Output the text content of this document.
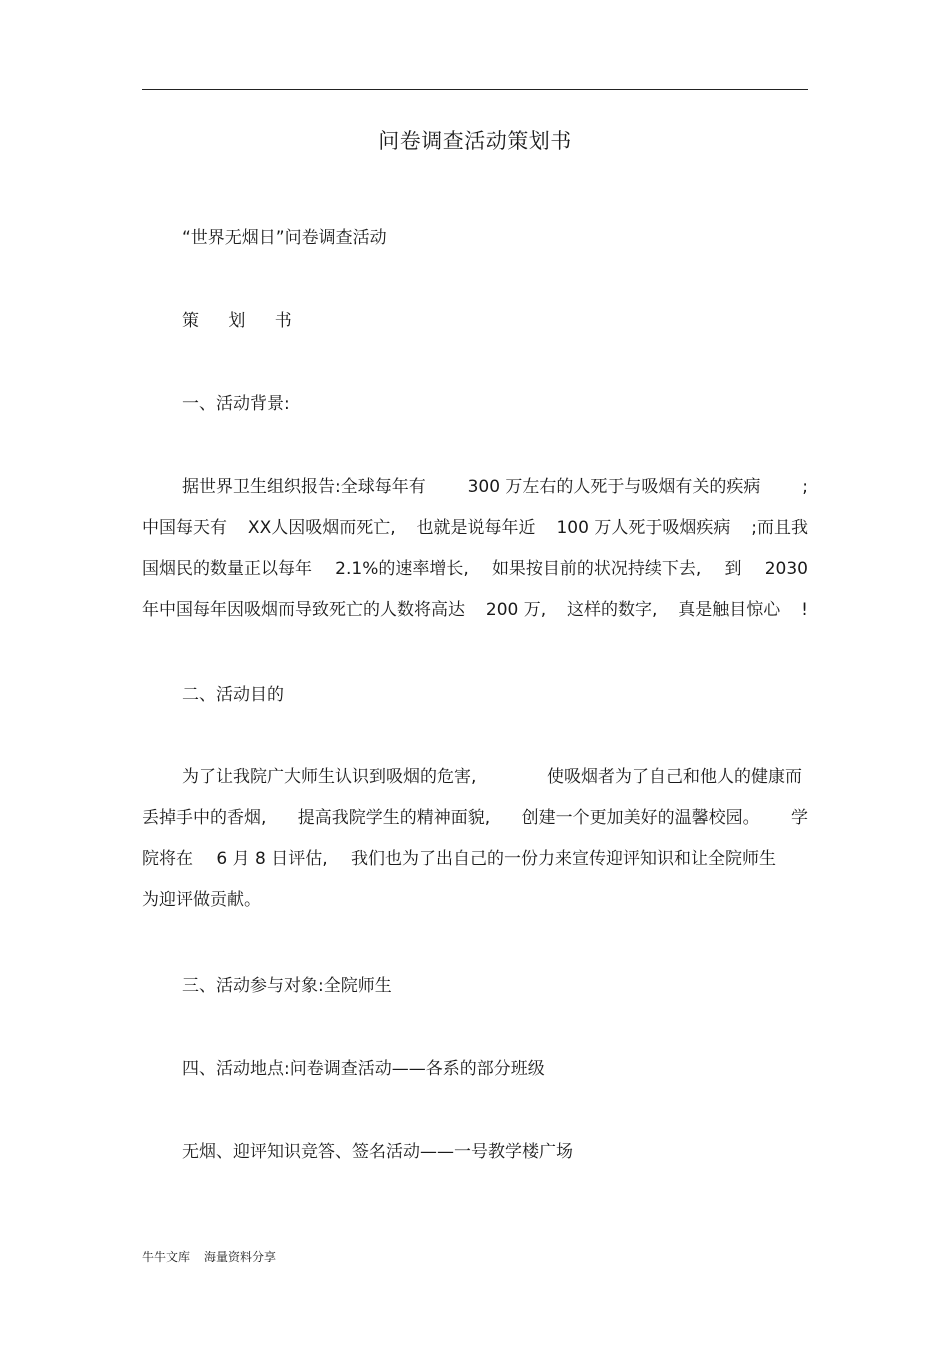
问卷调查活动策划书
“世界无烟日”问卷调查活动
策 划 书
一、活动背景:
据世界卫生组织报告:全球每年有 300 万左右的人死于与吸烟有关的疾病 ;
中国每天有 XX人因吸烟而死亡, 也就是说每年近 100 万人死于吸烟疾病 ;而且我
国烟民的数量正以每年 2.1%的速率增长, 如果按目前的状况持续下去, 到 2030
年中国每年因吸烟而导致死亡的人数将高达 200 万, 这样的数字, 真是触目惊心 !
二、活动目的
为了让我院广大师生认识到吸烟的危害,	使吸烟者为了自己和他人的健康而
丢掉手中的香烟, 提高我院学生的精神面貌, 创建一个更加美好的温馨校园。 学
院将在 6 月 8 日评估, 我们也为了出自己的一份力来宣传迎评知识和让全院师生
为迎评做贡献。
三、活动参与对象:全院师生
四、活动地点:问卷调查活动——各系的部分班级
无烟、迎评知识竞答、签名活动——一号教学楼广场
牛牛文库 海量资料分享
